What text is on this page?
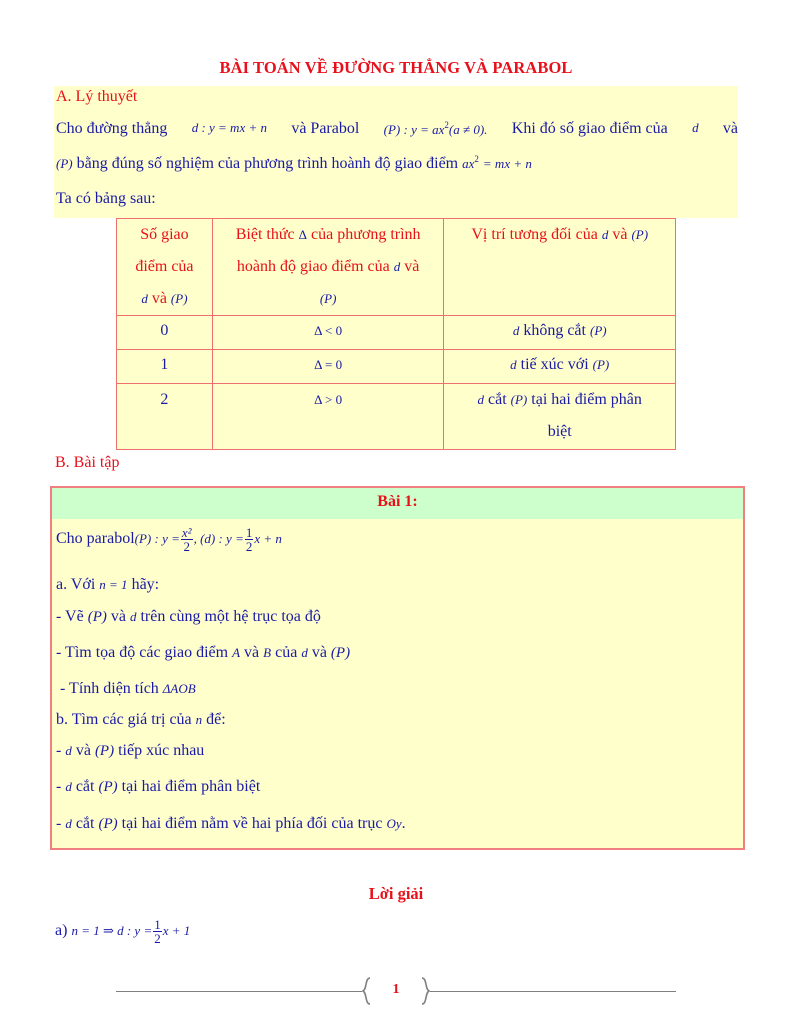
BÀI TOÁN VỀ ĐƯỜNG THẲNG VÀ PARABOL
A. Lý thuyết
Cho đường thẳng d : y = mx + n và Parabol (P) : $y = ax^2(a \ne 0)$. Khi đó số giao điểm của d và
(P) bằng đúng số nghiệm của phương trình hoành độ giao điểm $ax^2$ = mx + n
Ta có bảng sau:
Số giao
điểm của
d và (P)	Biệt thức Δ của phương trình
hoành độ giao điểm của d và
(P)	Vị trí tương đối của d và (P)
0	Δ < 0	d không cắt (P)
1	Δ = 0	d tiế xúc với (P)
2	Δ > 0	d cắt (P) tại hai điểm phân
biệt
B. Bài tập
Bài 1:
Cho parabol(P) : $y = \frac{\text{x²}}{2}$ , (d) : $y = \frac{1}{2}$ x + n
a. Với n = 1 hãy:
- Vẽ (P) và d trên cùng một hệ trục tọa độ
- Tìm tọa độ các giao điểm A và B của d và (P)
- Tính diện tích ΔAOB
b. Tìm các giá trị của n để:
- d và (P) tiếp xúc nhau
- d cắt (P) tại hai điểm phân biệt
- d cắt (P) tại hai điểm nằm về hai phía đối của trục Oy.
Lời giải
a) n = 1 ⇒ d : $y = \frac{1}{2}$ x + 1
1
